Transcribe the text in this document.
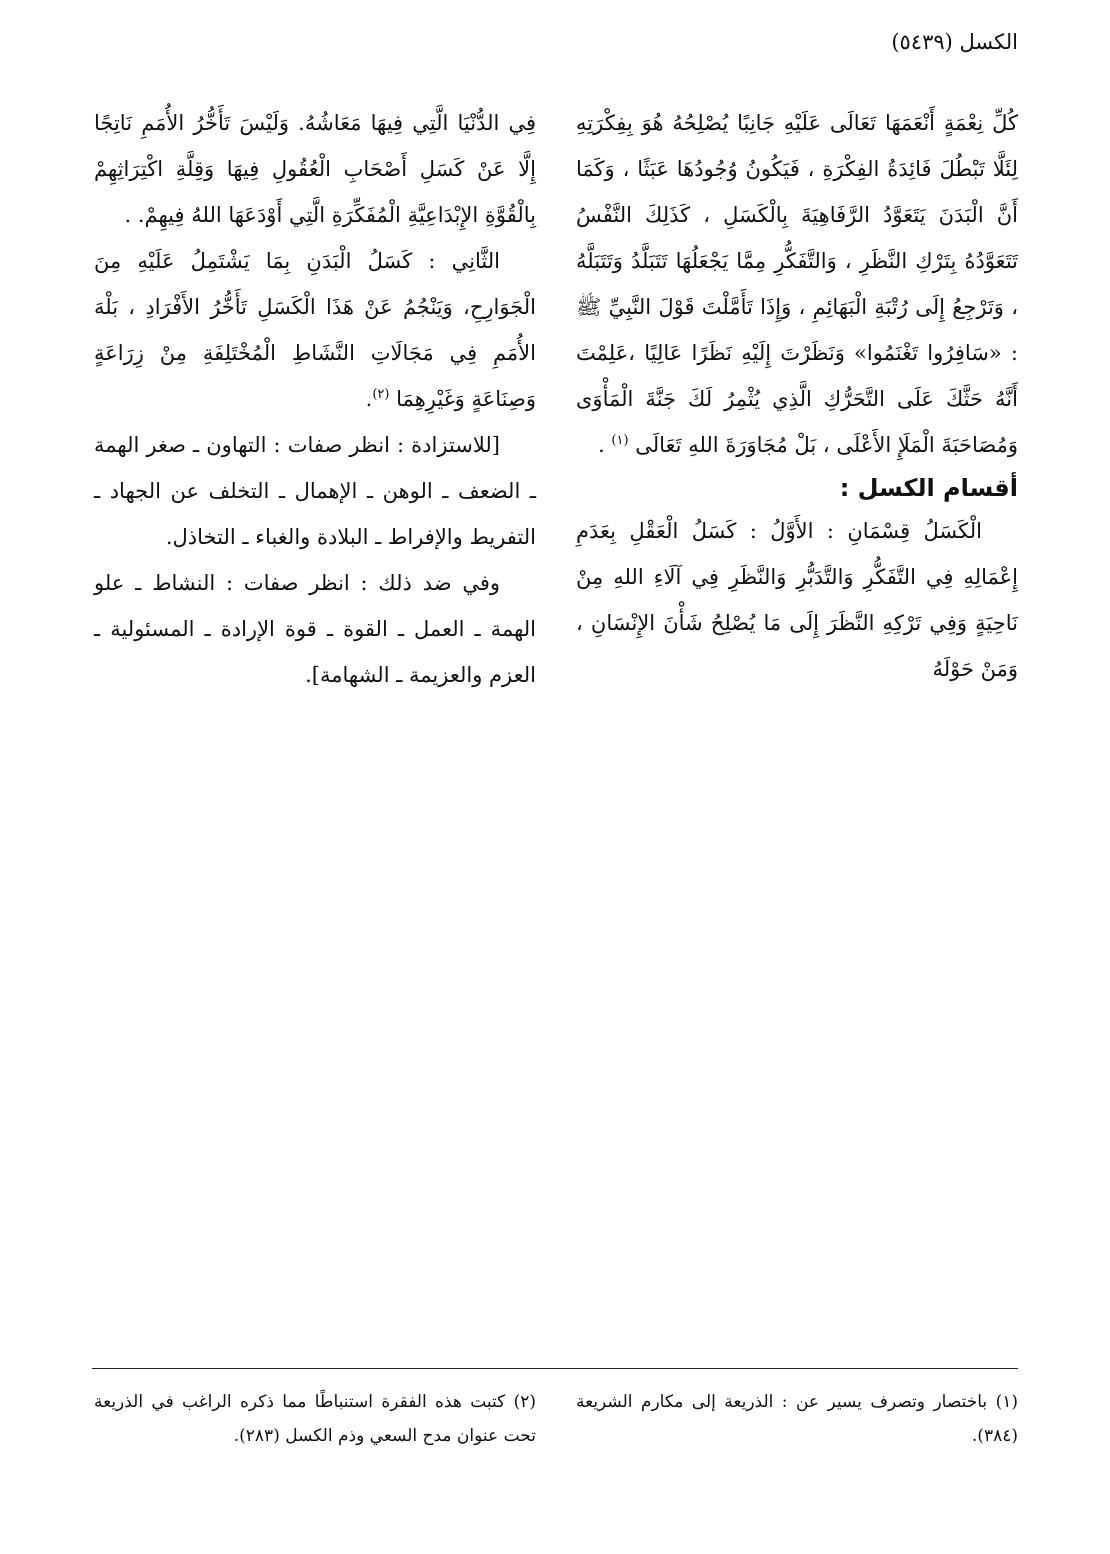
الكسل (٥٤٣٩)

كُلِّ نِعْمَةٍ أَنْعَمَهَا تَعَالَى عَلَيْهِ جَانِبًا يُصْلِحُهُ هُوَ بِفِكْرَتِهِ لِئَلَّا تَبْطُلَ فَائِدَةُ الفِكْرَةِ ، فَيَكُونُ وُجُودُهَا عَبَثًا ، وَكَمَا أَنَّ الْبَدَنَ يَتَعَوَّدُ الرَّفَاهِيَةَ بِالْكَسَلِ ، كَذَلِكَ النَّفْسُ تَتَعَوَّدُهُ بِتَرْكِ النَّظَرِ ، وَالتَّفَكُّرِ مِمَّا يَجْعَلُهَا تَتَبَلَّدُ وَتَتَبَلَّهُ ، وَتَرْجِعُ إِلَى رُتْبَةِ الْبَهَائِمِ ، وَإِذَا تَأَمَّلْتَ قَوْلَ النَّبِيِّ ﷺ : «سَافِرُوا تَغْنَمُوا» وَنَظَرْتَ إِلَيْهِ نَظَرًا عَالِيًا ،عَلِمْتَ أَنَّهُ حَثَّكَ عَلَى التَّحَرُّكِ الَّذِي يُثْمِرُ لَكَ جَنَّةَ الْمَأْوَى وَمُصَاحَبَةَ الْمَلَإِ الأَعْلَى ، بَلْ مُجَاوَرَةَ اللهِ تَعَالَى $^{(١)}$ .

أقسام الكسل :

الْكَسَلُ قِسْمَانِ : الأَوَّلُ : كَسَلُ الْعَقْلِ بِعَدَمِ إِعْمَالِهِ فِي التَّفَكُّرِ وَالتَّدَبُّرِ وَالنَّظَرِ فِي آلَاءِ اللهِ مِنْ نَاحِيَةٍ وَفِي تَرْكِهِ النَّظَرَ إِلَى مَا يُصْلِحُ شَأْنَ الإِنْسَانِ ، وَمَنْ حَوْلَهُ

فِي الدُّنْيَا الَّتِي فِيهَا مَعَاشُهُ. وَلَيْسَ تَأَخُّرُ الأُمَمِ نَاتِجًا إِلَّا عَنْ كَسَلِ أَصْحَابِ الْعُقُولِ فِيهَا وَقِلَّةِ اكْتِرَاثِهِمْ بِالْقُوَّةِ الإِبْدَاعِيَّةِ الْمُفَكِّرَةِ الَّتِي أَوْدَعَهَا اللهُ فِيهِمْ. .

الثَّانِي : كَسَلُ الْبَدَنِ بِمَا يَشْتَمِلُ عَلَيْهِ مِنَ الْجَوَارِحِ، وَيَنْجُمُ عَنْ هَذَا الْكَسَلِ تَأَخُّرُ الأَفْرَادِ ، بَلْهَ الأُمَمِ فِي مَجَالَاتِ النَّشَاطِ الْمُخْتَلِفَةِ مِنْ زِرَاعَةٍ وَصِنَاعَةٍ وَغَيْرِهِمَا $^{(٢)}$.

[للاستزادة : انظر صفات : التهاون ـ صغر الهمة ـ الضعف ـ الوهن ـ الإهمال ـ التخلف عن الجهاد ـ التفريط والإفراط ـ البلادة والغباء ـ التخاذل.

وفي ضد ذلك : انظر صفات : النشاط ـ علو الهمة ـ العمل ـ القوة ـ قوة الإرادة ـ المسئولية ـ العزم والعزيمة ـ الشهامة].

(١) باختصار وتصرف يسير عن : الذريعة إلى مكارم الشريعة (٣٨٤).
(٢) كتبت هذه الفقرة استنباطًا مما ذكره الراغب في الذريعة تحت عنوان مدح السعي وذم الكسل (٢٨٣).
